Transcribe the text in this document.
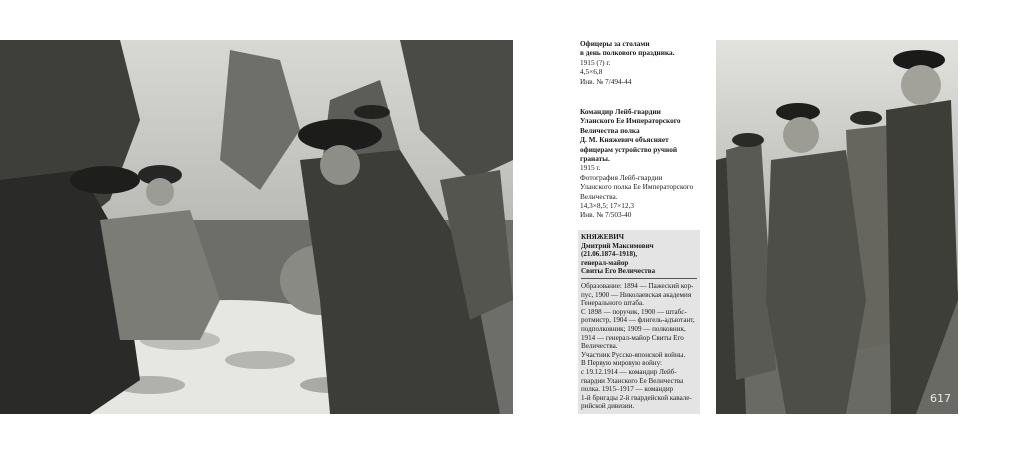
Офицеры за столами
в день полкового праздника.
1915 (?) г.
4,5×6,8
Инв. № 7/494-44
Командир Лейб-гвардии
Уланского Ее Императорского
Величества полка
Д. М. Княжевич объясняет
офицерам устройство ручной
гранаты.
1915 г.
Фотография Лейб-гвардии
Уланского полка Ее Императорского
Величества.
14,3×8,5; 17×12,3
Инв. № 7/503-40
КНЯЖЕВИЧ
Дмитрий Максимович
(21.06.1874–1918),
генерал-майор
Свиты Его Величества
Образование: 1894 — Пажеский кор-
пус, 1900 — Николаевская академия
Генерального штаба.
С 1898 — поручик, 1900 — штабс-
ротмистр, 1904 — флигель-адъютант,
подполковник; 1909 — полковник,
1914 — генерал-майор Свиты Его
Величества.
Участник Русско-японской войны.
В Первую мировую войну:
с 19.12.1914 — командир Лейб-
гвардии Уланского Ее Величества
полка. 1915–1917 — командир
1-й бригады 2-й гвардейской кавале-
рийской дивизии.
617
